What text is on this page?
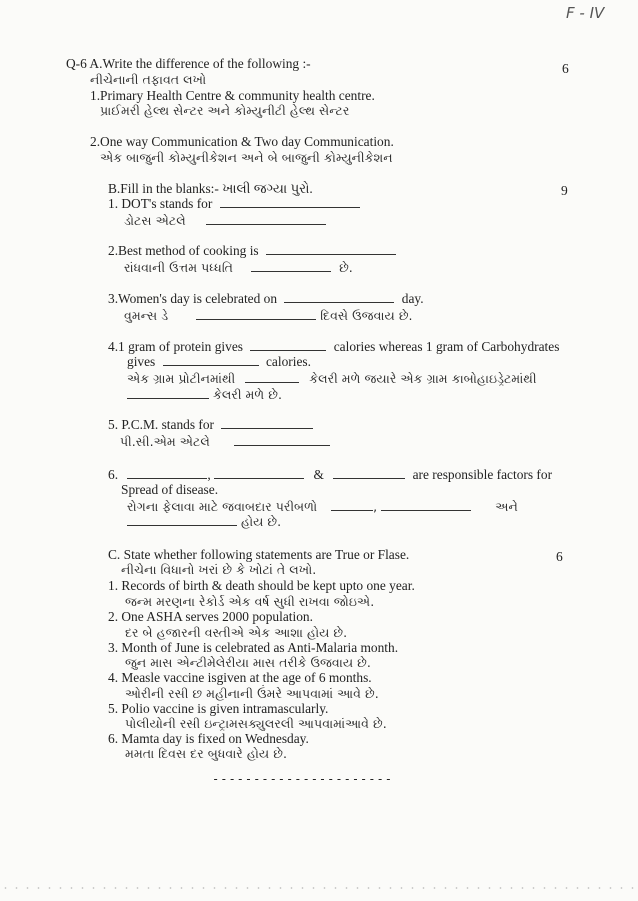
F - IV
Q-6 A.Write the difference of the following :-	6
નીચેનાની તફાવત લખો
1.Primary Health Centre & community health centre.
પ્રાઈમરી હેલ્થ સેન્ટર અને કોમ્યુનીટી હેલ્થ સેન્ટર
2.One way Communication & Two day Communication.
એક બાજુની કોમ્યુનીકેશન અને બે બાજુની કોમ્યુનીકેશન
B.Fill in the blanks:- ખાલી જગ્યા પુરો.	9
1. DOT's stands for
ડોટસ એટલે
2.Best method of cooking is
રાંધવાની ઉત્તમ પધ્ધતિ	છે.
3.Women's day is celebrated on	day.
વુમન્સ ડે	દિવસે ઉજવાય છે.
4.1 gram of protein gives	calories whereas 1 gram of Carbohydrates
gives	calories.
એક ગ્રામ પ્રોટીનમાંથી	કેલરી મળે જયારે એક ગ્રામ કાબોહાઇડ્રેટમાંથી
કેલરી મળે છે.
5. P.C.M. stands for
પી.સી.એમ એટલે
6.	,	&	are responsible factors for
Spread of disease.
રોગના ફેલાવા માટે જવાબદાર પરીબળો	,	અને
હોય છે.
C. State whether following statements are True or Flase.	6
નીચેના વિધાનો ખરાં છે કે ખોટાં તે લખો.
1. Records of birth & death should be kept upto one year.
જન્મ મરણના રેકોર્ડ એક વર્ષ સુધી રાખવા જોઇએ.
2. One ASHA serves 2000 population.
દર બે હજારની વસ્તીએ એક આશા હોય છે.
3. Month of June is celebrated as Anti-Malaria month.
જુન માસ એન્ટીમેલેરીયા માસ તરીકે ઉજવાય છે.
4. Measle vaccine isgiven at the age of 6 months.
ઓરીની રસી છ મહીનાની ઉંમરે આપવામાં આવે છે.
5. Polio vaccine is given intramascularly.
પોલીયોની રસી ઇન્ટ્રામસક્યુલરલી આપવામાંઆવે છે.
6. Mamta day is fixed on Wednesday.
મમતા દિવસ દર બુધવારે હોય છે.
----------------------
